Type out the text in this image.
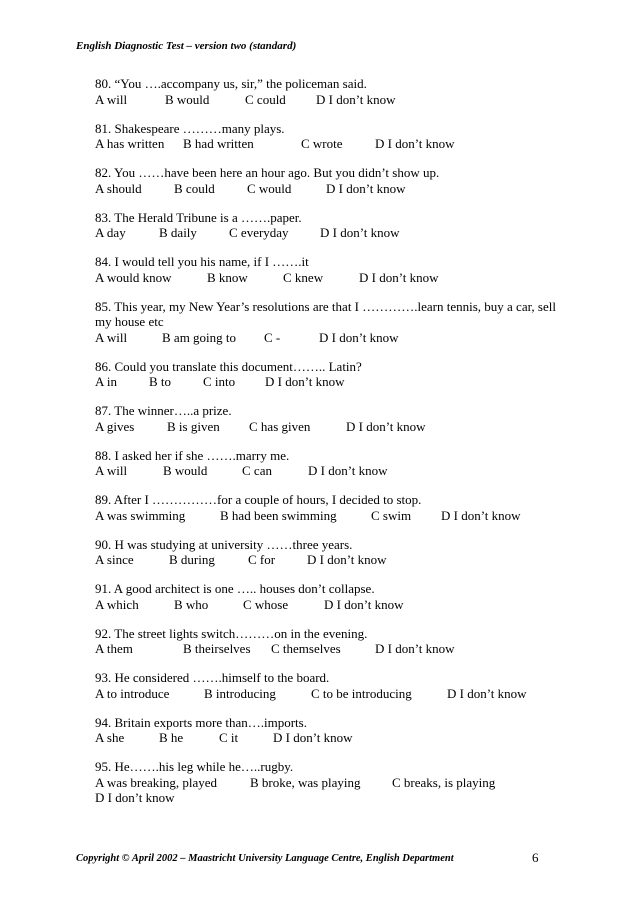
English Diagnostic Test – version two (standard)
80. “You ….accompany us, sir,” the policeman said.
A will	B would	C could	D I don’t know
81. Shakespeare ………many plays.
A has written	B had written	C wrote	D I don’t know
82. You ……have been here an hour ago. But you didn’t show up.
A should	B could	C would	D I don’t know
83. The Herald Tribune is a …….paper.
A day	B daily	C everyday	D I don’t know
84. I would tell you his name, if I …….it
A would know	B know	C knew	D I don’t know
85. This year, my New Year’s resolutions are that I ………….learn tennis, buy a car, sell my house etc
A will	B am going to	C -	D I don’t know
86. Could you translate this document…….. Latin?
A in	B to	C into	D I don’t know
87. The winner…..a prize.
A gives	B is given	C has given	D I don’t know
88. I asked her if she …….marry me.
A will	B would	C can	D I don’t know
89. After I ……………for a couple of hours, I decided to stop.
A was swimming	B had been swimming	C swim	D I don’t know
90. H was studying at university ……three years.
A since	B during	C for	D I don’t know
91. A good architect is one ….. houses don’t collapse.
A which	B who	C whose	D I don’t know
92. The street lights switch………on in the evening.
A them	B theirselves	C themselves	D I don’t know
93. He considered …….himself to the board.
A to introduce	B introducing	C to be introducing	D I don’t know
94. Britain exports more than….imports.
A she	B he	C it	D I don’t know
95. He…….his leg while he…..rugby.
A was breaking, played	B broke, was playing	C breaks, is playing
D I don’t know
Copyright © April 2002 – Maastricht University Language Centre, English Department	6
